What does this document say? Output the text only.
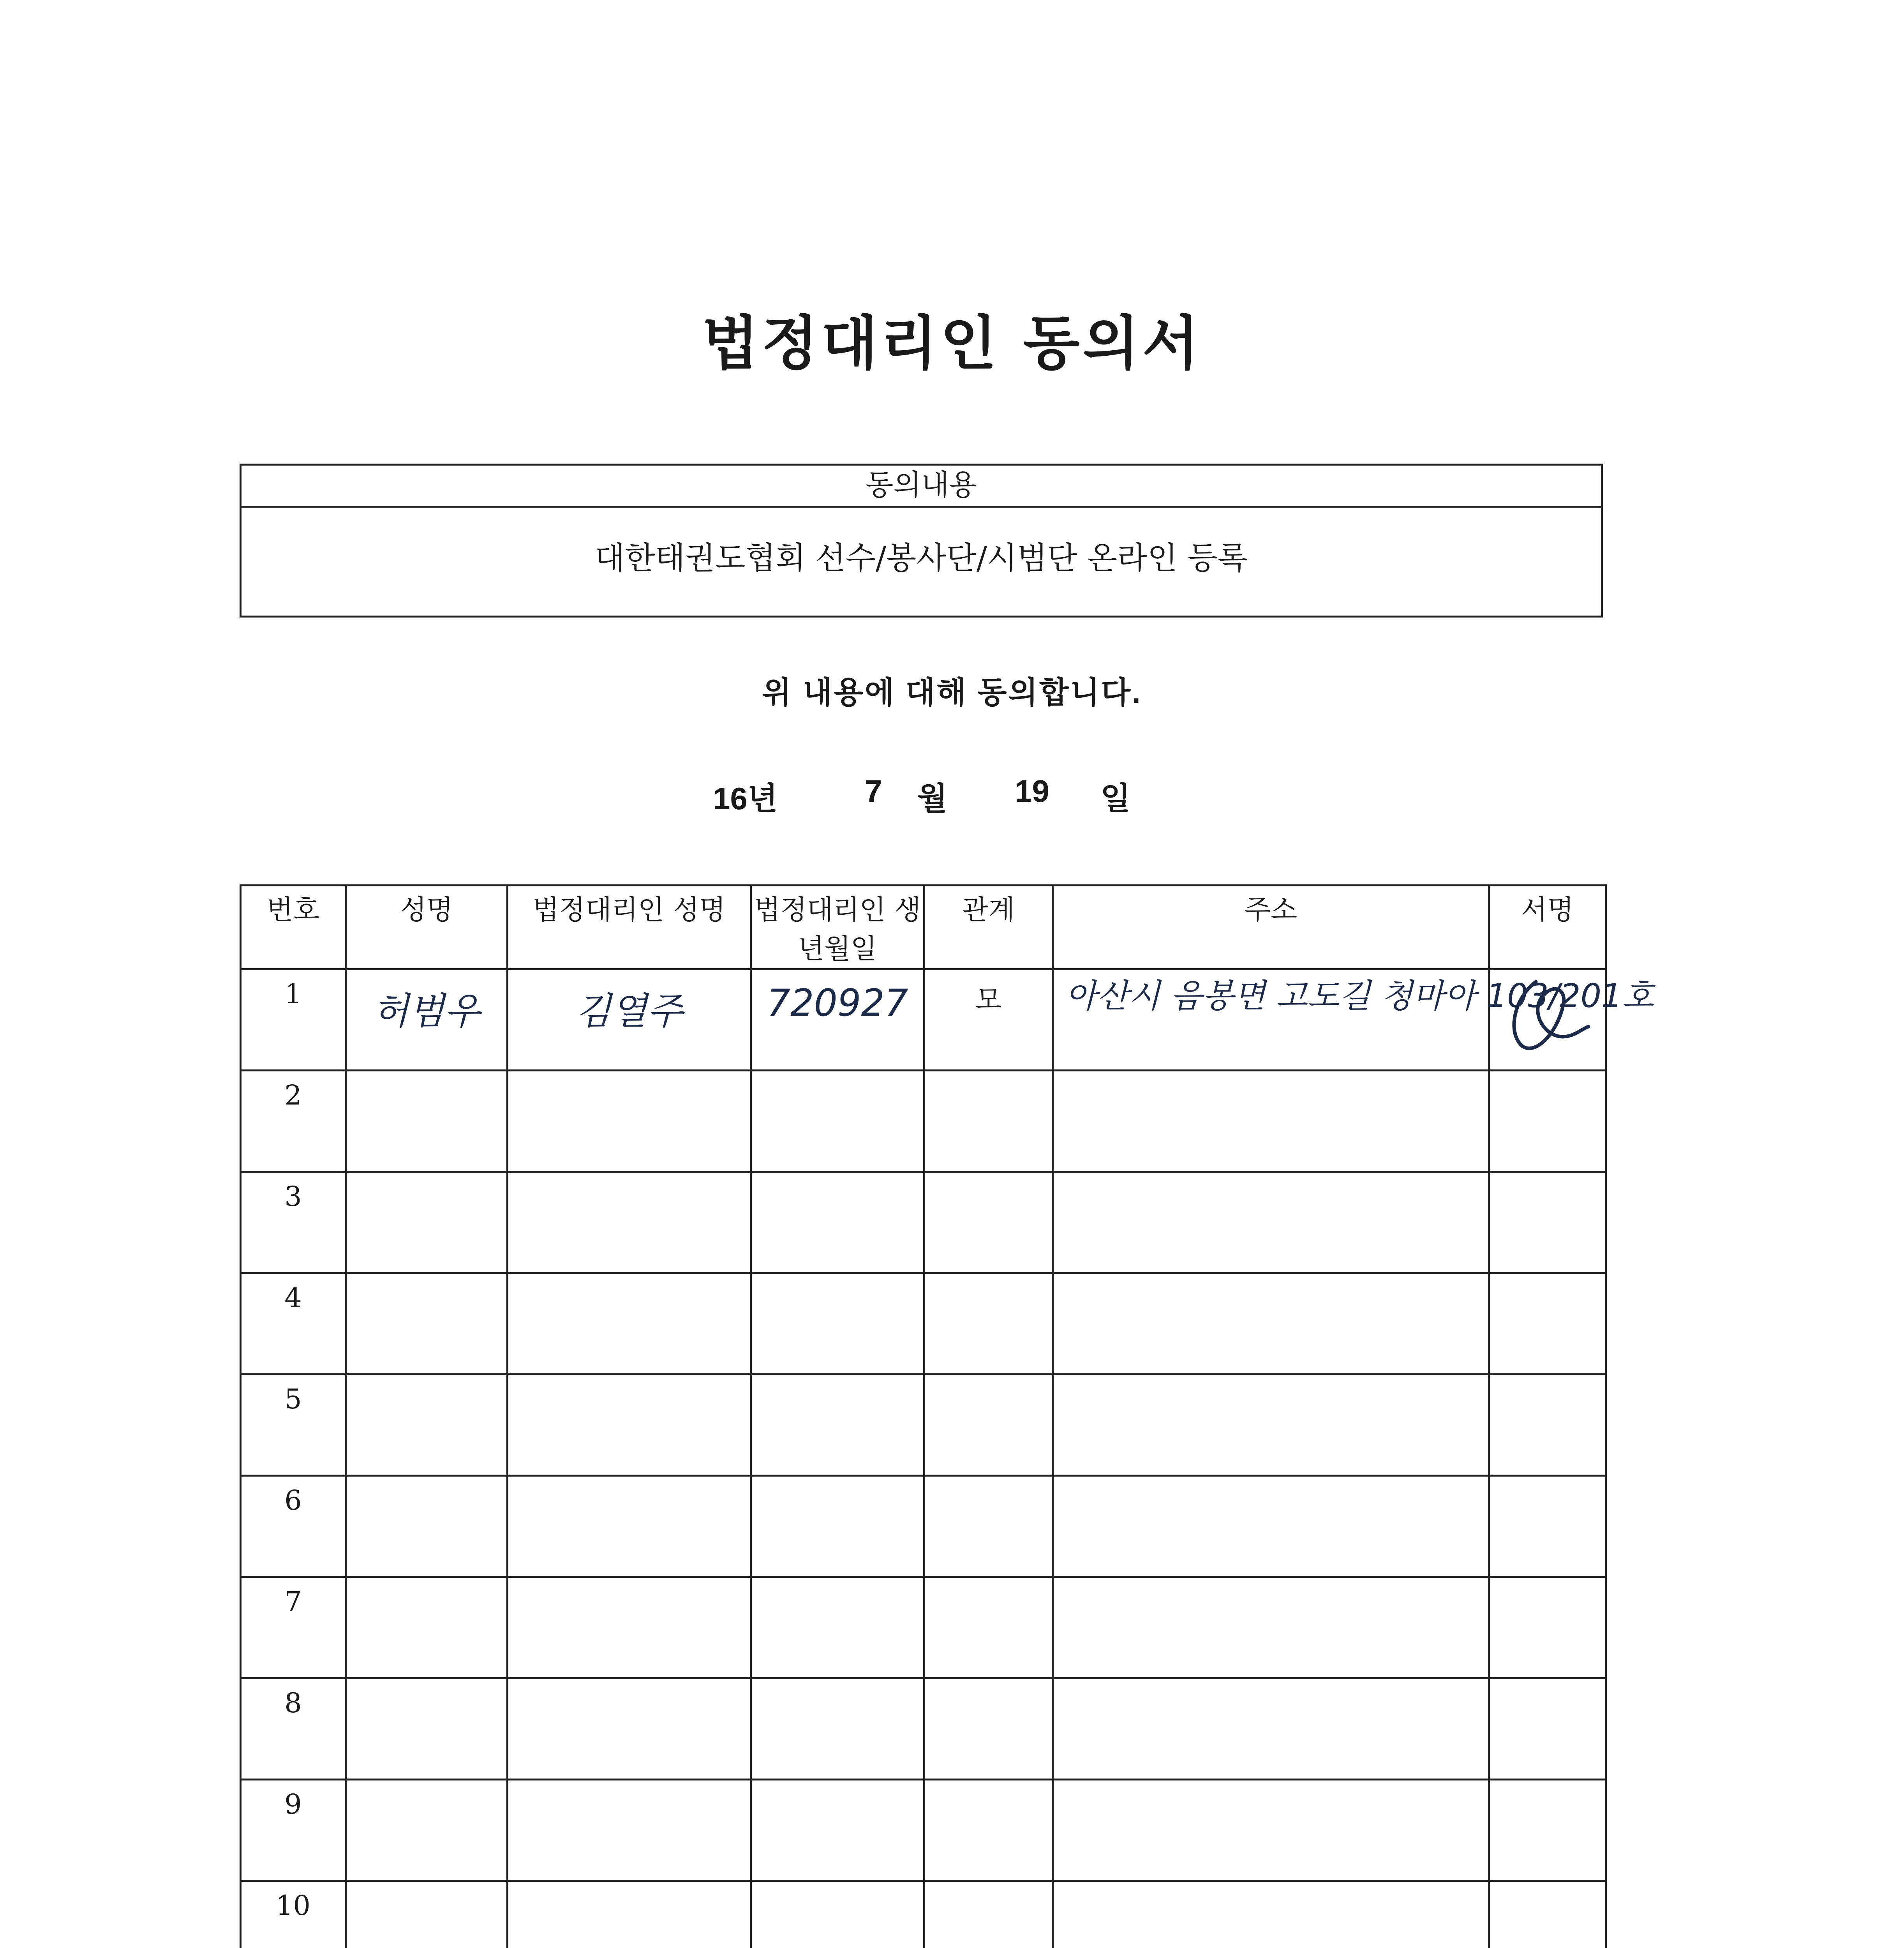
법정대리인 동의서
동의내용
대한태권도협회 선수/봉사단/시범단 온라인 등록
위 내용에 대해 동의합니다.
16년	7 월 19 일
번호	성명	법정대리인 성명	법정대리인 생년월일	관계	주소	서명
1	허범우	김열주	720927	모	아산시 음봉면 고도길 청마아 103/201호

2						
3						
4						
5						
6						
7						
8						
9						
10						
